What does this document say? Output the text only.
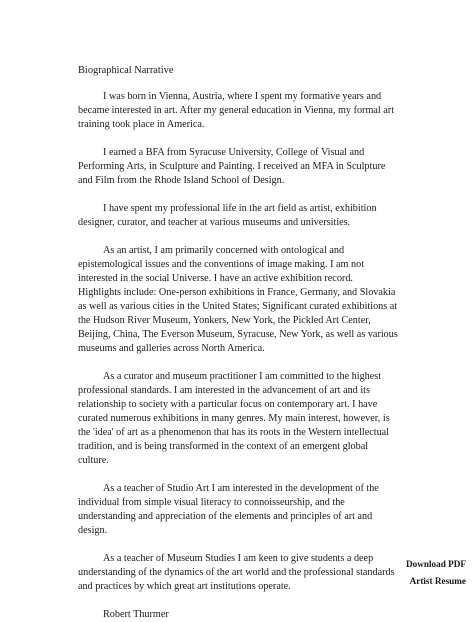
Biographical Narrative

I was born in Vienna, Austria, where I spent my formative years and became interested in art. After my general education in Vienna, my formal art training took place in America.

I earned a BFA from Syracuse University, College of Visual and Performing Arts, in Sculpture and Painting. I received an MFA in Sculpture and Film from the Rhode Island School of Design.

I have spent my professional life in the art field as artist, exhibition designer, curator, and teacher at various museums and universities.

As an artist, I am primarily concerned with ontological and epistemological issues and the conventions of image making. I am not interested in the social Universe. I have an active exhibition record. Highlights include: One-person exhibitions in France, Germany, and Slovakia as well as various cities in the United States; Significant curated exhibitions at the Hudson River Museum, Yonkers, New York, the Pickled Art Center, Beijing, China, The Everson Museum, Syracuse, New York, as well as various museums and galleries across North America.

As a curator and museum practitioner I am committed to the highest professional standards. I am interested in the advancement of art and its relationship to society with a particular focus on contemporary art. I have curated numerous exhibitions in many genres. My main interest, however, is the 'idea' of art as a phenomenon that has its roots in the Western intellectual tradition, and is being transformed in the context of an emergent global culture.

As a teacher of Studio Art I am interested in the development of the individual from simple visual literacy to connoisseurship, and the understanding and appreciation of the elements and principles of art and design.

As a teacher of Museum Studies I am keen to give students a deep understanding of the dynamics of the art world and the professional standards and practices by which great art institutions operate.

Robert Thurmer

Download PDF
Artist Resume
